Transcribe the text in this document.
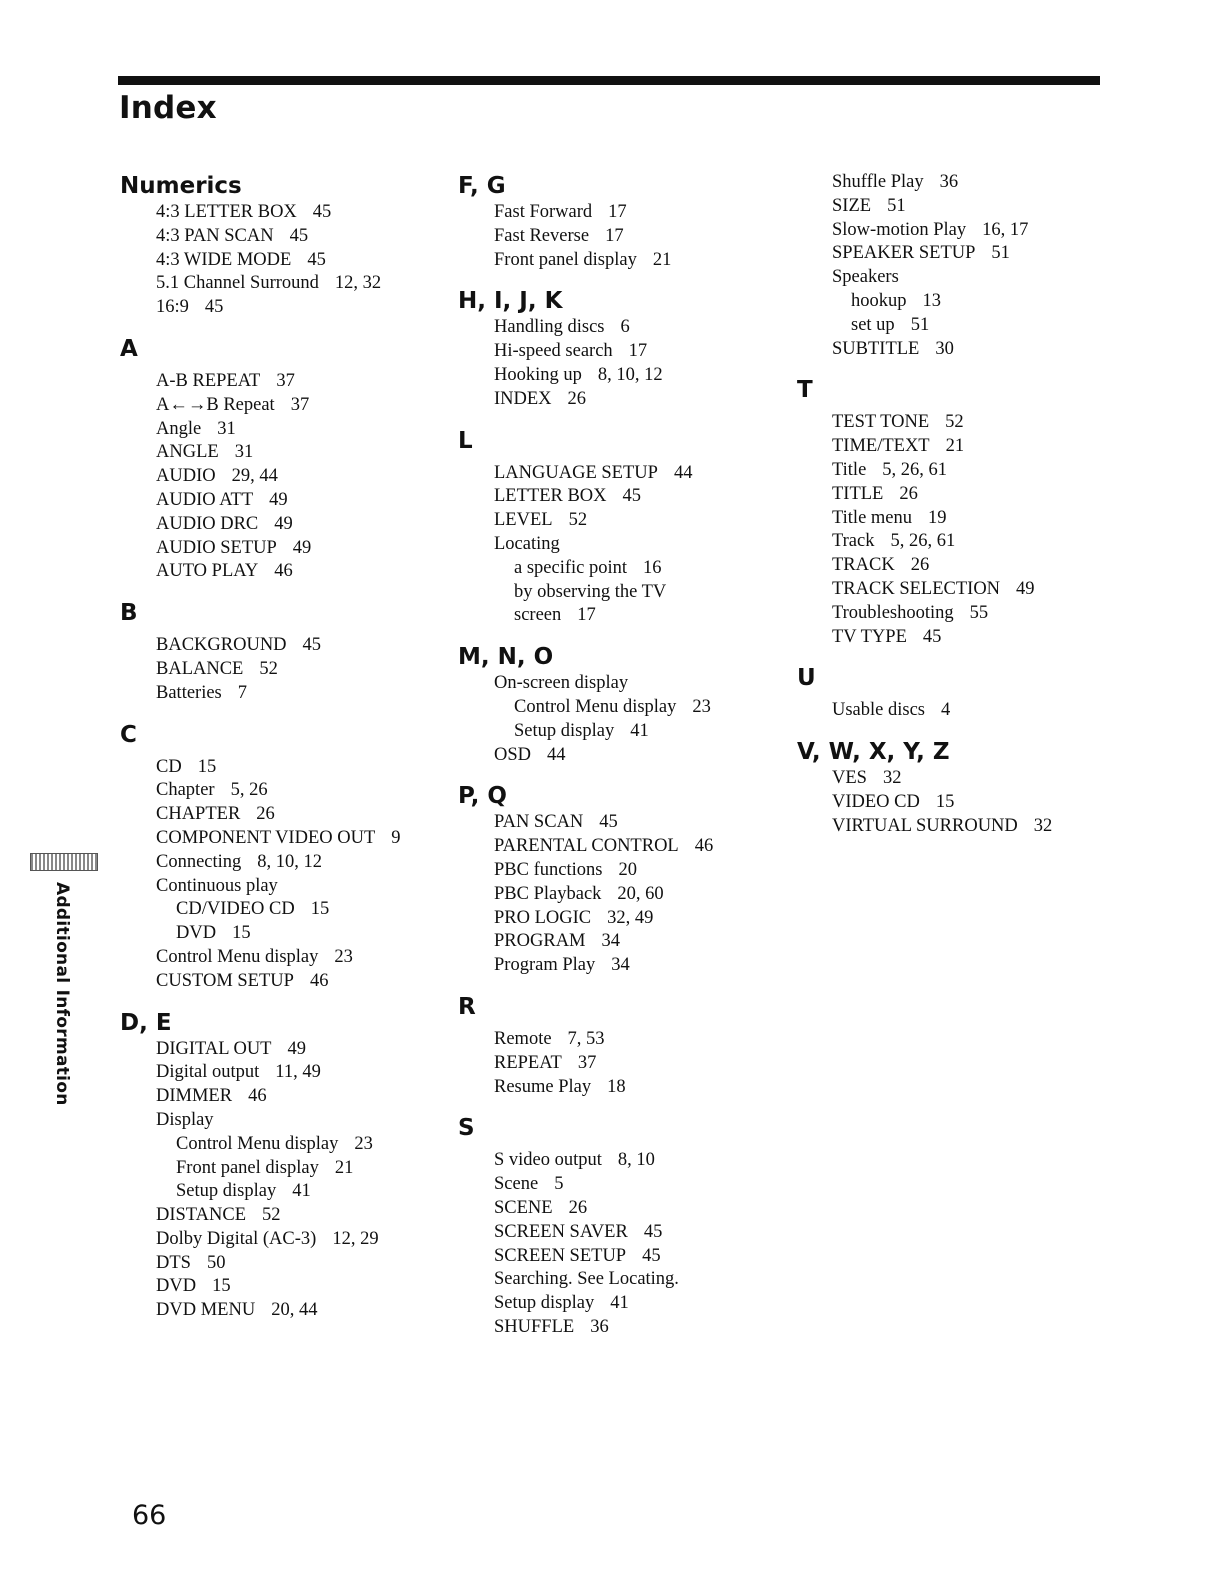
Index
Numerics
4:3 LETTER BOX 45
4:3 PAN SCAN 45
4:3 WIDE MODE 45
5.1 Channel Surround 12, 32
16:9 45
A
A-B REPEAT 37
A←→B Repeat 37
Angle 31
ANGLE 31
AUDIO 29, 44
AUDIO ATT 49
AUDIO DRC 49
AUDIO SETUP 49
AUTO PLAY 46
B
BACKGROUND 45
BALANCE 52
Batteries 7
C
CD 15
Chapter 5, 26
CHAPTER 26
COMPONENT VIDEO OUT 9
Connecting 8, 10, 12
Continuous play
CD/VIDEO CD 15
DVD 15
Control Menu display 23
CUSTOM SETUP 46
D, E
DIGITAL OUT 49
Digital output 11, 49
DIMMER 46
Display
Control Menu display 23
Front panel display 21
Setup display 41
DISTANCE 52
Dolby Digital (AC-3) 12, 29
DTS 50
DVD 15
DVD MENU 20, 44
F, G
Fast Forward 17
Fast Reverse 17
Front panel display 21
H, I, J, K
Handling discs 6
Hi-speed search 17
Hooking up 8, 10, 12
INDEX 26
L
LANGUAGE SETUP 44
LETTER BOX 45
LEVEL 52
Locating
a specific point 16
by observing the TV
screen 17
M, N, O
On-screen display
Control Menu display 23
Setup display 41
OSD 44
P, Q
PAN SCAN 45
PARENTAL CONTROL 46
PBC functions 20
PBC Playback 20, 60
PRO LOGIC 32, 49
PROGRAM 34
Program Play 34
R
Remote 7, 53
REPEAT 37
Resume Play 18
S
S video output 8, 10
Scene 5
SCENE 26
SCREEN SAVER 45
SCREEN SETUP 45
Searching. See Locating.
Setup display 41
SHUFFLE 36
Shuffle Play 36
SIZE 51
Slow-motion Play 16, 17
SPEAKER SETUP 51
Speakers
hookup 13
set up 51
SUBTITLE 30
T
TEST TONE 52
TIME/TEXT 21
Title 5, 26, 61
TITLE 26
Title menu 19
Track 5, 26, 61
TRACK 26
TRACK SELECTION 49
Troubleshooting 55
TV TYPE 45
U
Usable discs 4
V, W, X, Y, Z
VES 32
VIDEO CD 15
VIRTUAL SURROUND 32
Additional Information
66
